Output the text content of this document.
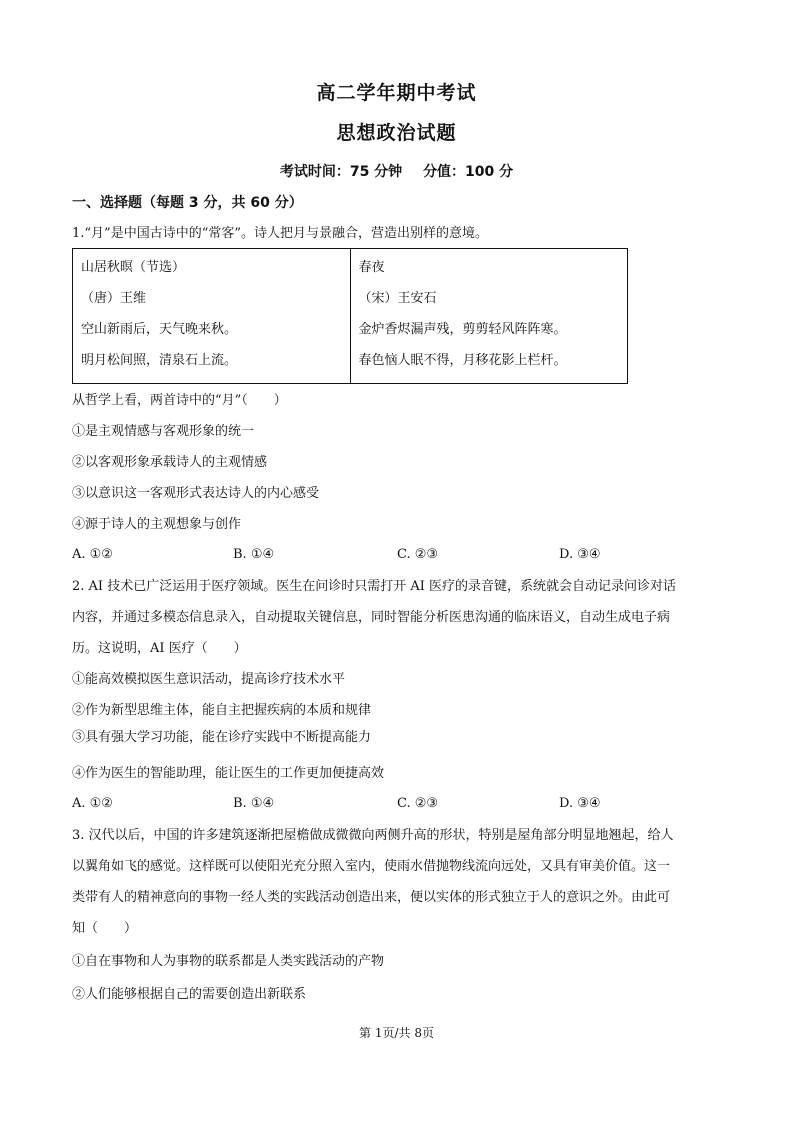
高二学年期中考试
思想政治试题
考试时间：75 分钟 分值：100 分
一、选择题（每题 3 分，共 60 分）
1.“月”是中国古诗中的“常客”。诗人把月与景融合，营造出别样的意境。
山居秋暝（节选）
（唐）王维
空山新雨后，天气晚来秋。
明月松间照，清泉石上流。

春夜
（宋）王安石
金炉香烬漏声残，剪剪轻风阵阵寒。
春色恼人眠不得，月移花影上栏杆。
从哲学上看，两首诗中的“月”（　　）
①是主观情感与客观形象的统一
②以客观形象承载诗人的主观情感
③以意识这一客观形式表达诗人的内心感受
④源于诗人的主观想象与创作
A. ①②	B. ①④	C. ②③	D. ③④
2. AI 技术已广泛运用于医疗领域。医生在问诊时只需打开 AI 医疗的录音键，系统就会自动记录问诊对话
内容，并通过多模态信息录入，自动提取关键信息，同时智能分析医患沟通的临床语义，自动生成电子病
历。这说明，AI 医疗（　　）
①能高效模拟医生意识活动，提高诊疗技术水平
②作为新型思维主体，能自主把握疾病的本质和规律
③具有强大学习功能，能在诊疗实践中不断提高能力
④作为医生的智能助理，能让医生的工作更加便捷高效
A. ①②	B. ①④	C. ②③	D. ③④
3. 汉代以后，中国的许多建筑逐渐把屋檐做成微微向两侧升高的形状，特别是屋角部分明显地翘起，给人
以翼角如飞的感觉。这样既可以使阳光充分照入室内，使雨水借抛物线流向远处，又具有审美价值。这一
类带有人的精神意向的事物一经人类的实践活动创造出来，便以实体的形式独立于人的意识之外。由此可
知（　　）
①自在事物和人为事物的联系都是人类实践活动的产物
②人们能够根据自己的需要创造出新联系
第 1页/共 8页
